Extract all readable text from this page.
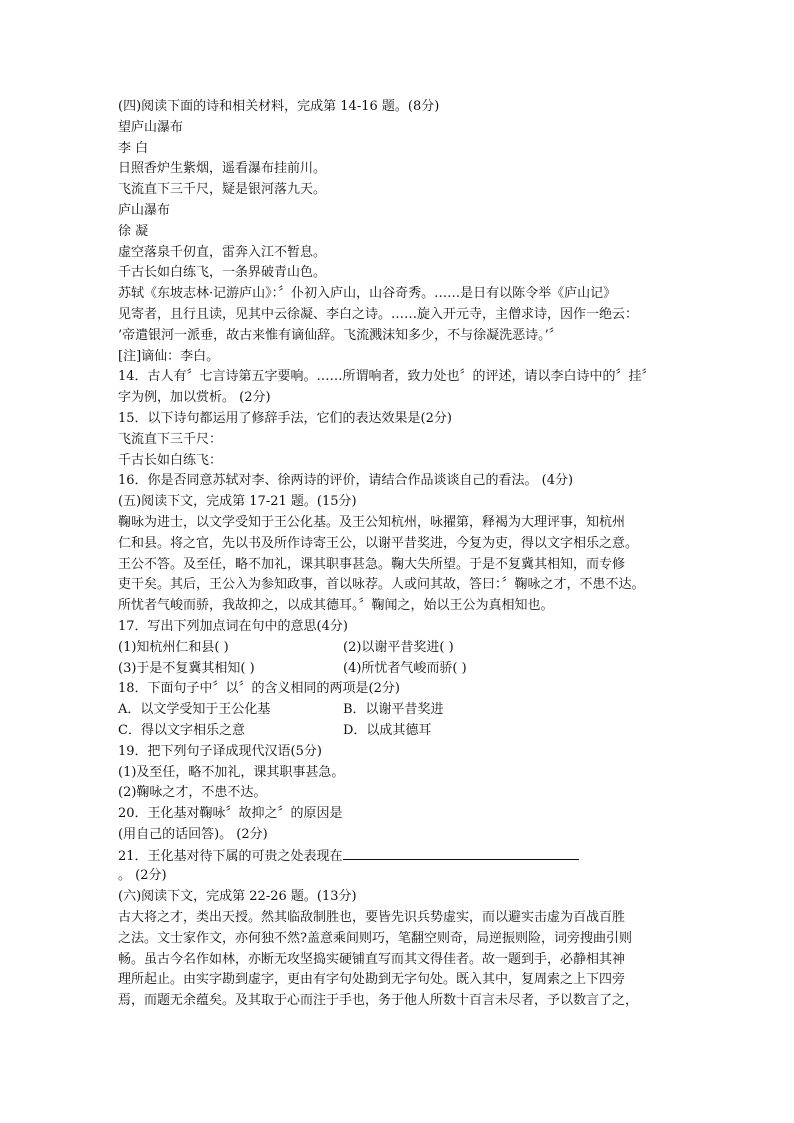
(四)阅读下面的诗和相关材料，完成第 14-16 题。(8分)
望庐山瀑布
李 白
日照香炉生紫烟，遥看瀑布挂前川。
飞流直下三千尺，疑是银河落九天。
庐山瀑布
徐 凝
虚空落泉千仞直，雷奔入江不暂息。
千古长如白练飞，一条界破青山色。
苏轼《东坡志林·记游庐山》：〞仆初入庐山，山谷奇秀。……是日有以陈令举《庐山记》
见寄者，且行且读，见其中云徐凝、李白之诗。……旋入开元寺，主僧求诗，因作一绝云：
’帝遣银河一派垂，故古来惟有谪仙辞。飞流溅沫知多少，不与徐凝洗恶诗。’〞
[注]谪仙：李白。
14．古人有〞七言诗第五字要响。……所谓响者，致力处也〞的评述，请以李白诗中的〞挂〞
字为例，加以赏析。 (2分)
15．以下诗句都运用了修辞手法，它们的表达效果是(2分)
飞流直下三千尺：
千古长如白练飞：
16．你是否同意苏轼对李、徐两诗的评价，请结合作品谈谈自己的看法。 (4分)
(五)阅读下文，完成第 17-21 题。(15分)
鞠咏为进士，以文学受知于王公化基。及王公知杭州，咏擢第，释褐为大理评事，知杭州
仁和县。将之官，先以书及所作诗寄王公，以谢平昔奖进，今复为吏，得以文字相乐之意。
王公不答。及至任，略不加礼，课其职事甚急。鞠大失所望。于是不复冀其相知，而专修
吏干矣。其后，王公入为参知政事，首以咏荐。人或问其故，答曰：〞鞠咏之才，不患不达。
所忧者气峻而骄，我故抑之，以成其德耳。〞鞠闻之，始以王公为真相知也。
17．写出下列加点词在句中的意思(4分)
(1)知杭州仁和县( )	(2)以谢平昔奖进( )
(3)于是不复冀其相知( )	(4)所忧者气峻而骄( )
18．下面句子中〞以〞的含义相同的两项是(2分)
A．以文学受知于王公化基	B．以谢平昔奖进
C．得以文字相乐之意	D．以成其德耳
19．把下列句子译成现代汉语(5分)
(1)及至任，略不加礼，课其职事甚急。
(2)鞠咏之才，不患不达。
20．王化基对鞠咏〞故抑之〞的原因是
(用自己的话回答)。 (2分)
21．王化基对待下属的可贵之处表现在
。 (2分)
(六)阅读下文，完成第 22-26 题。(13分)
古大将之才，类出天授。然其临敌制胜也，要皆先识兵势虚实，而以避实击虚为百战百胜
之法。文士家作文，亦何独不然?盖意乘间则巧，笔翻空则奇，局逆振则险，词旁搜曲引则
畅。虽古今名作如林，亦断无攻坚捣实硬铺直写而其文得佳者。故一题到手，必静相其神
理所起止。由实字勘到虚字，更由有字句处勘到无字句处。既入其中，复周索之上下四旁
焉，而题无余蕴矣。及其取于心而注于手也，务于他人所数十百言未尽者，予以数言了之，
